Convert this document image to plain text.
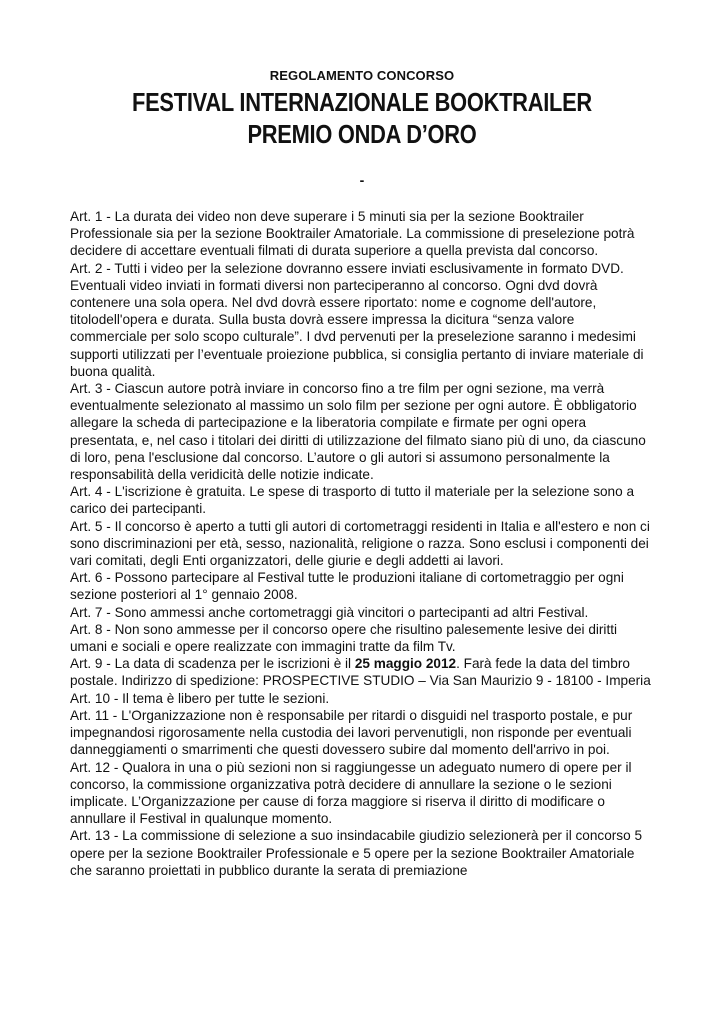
REGOLAMENTO CONCORSO
FESTIVAL INTERNAZIONALE BOOKTRAILER
PREMIO ONDA D’ORO
-

Art. 1 - La durata dei video non deve superare i 5 minuti sia per la sezione Booktrailer Professionale sia per la sezione Booktrailer Amatoriale. La commissione di preselezione potrà decidere di accettare eventuali filmati di durata superiore a quella prevista dal concorso.

Art. 2 - Tutti i video per la selezione dovranno essere inviati esclusivamente in formato DVD.

Eventuali video inviati in formati diversi non parteciperanno al concorso. Ogni dvd dovrà contenere una sola opera. Nel dvd dovrà essere riportato: nome e cognome dell'autore, titolodell'opera e durata. Sulla busta dovrà essere impressa la dicitura “senza valore commerciale per solo scopo culturale”. I dvd pervenuti per la preselezione saranno i medesimi supporti utilizzati per l’eventuale proiezione pubblica, si consiglia pertanto di inviare materiale di buona qualità.

Art. 3 - Ciascun autore potrà inviare in concorso fino a tre film per ogni sezione, ma verrà eventualmente selezionato al massimo un solo film per sezione per ogni autore. È obbligatorio allegare la scheda di partecipazione e la liberatoria compilate e firmate per ogni opera presentata, e, nel caso i titolari dei diritti di utilizzazione del filmato siano più di uno, da ciascuno di loro, pena l'esclusione dal concorso. L’autore o gli autori si assumono personalmente la responsabilità della veridicità delle notizie indicate.

Art. 4 - L'iscrizione è gratuita. Le spese di trasporto di tutto il materiale per la selezione sono a carico dei partecipanti.

Art. 5 - Il concorso è aperto a tutti gli autori di cortometraggi residenti in Italia e all'estero e non ci sono discriminazioni per età, sesso, nazionalità, religione o razza. Sono esclusi i componenti dei vari comitati, degli Enti organizzatori, delle giurie e degli addetti ai lavori.

Art. 6 - Possono partecipare al Festival tutte le produzioni italiane di cortometraggio per ogni sezione posteriori al 1° gennaio 2008.

Art. 7 - Sono ammessi anche cortometraggi già vincitori o partecipanti ad altri Festival.

Art. 8 - Non sono ammesse per il concorso opere che risultino palesemente lesive dei diritti umani e sociali e opere realizzate con immagini tratte da film Tv.

Art. 9 - La data di scadenza per le iscrizioni è il 25 maggio 2012. Farà fede la data del timbro postale. Indirizzo di spedizione: PROSPECTIVE STUDIO – Via San Maurizio 9 - 18100 - Imperia

Art. 10 - Il tema è libero per tutte le sezioni.

Art. 11 - L'Organizzazione non è responsabile per ritardi o disguidi nel trasporto postale, e pur impegnandosi rigorosamente nella custodia dei lavori pervenutigli, non risponde per eventuali danneggiamenti o smarrimenti che questi dovessero subire dal momento dell'arrivo in poi.

Art. 12 - Qualora in una o più sezioni non si raggiungesse un adeguato numero di opere per il concorso, la commissione organizzativa potrà decidere di annullare la sezione o le sezioni implicate. L’Organizzazione per cause di forza maggiore si riserva il diritto di modificare o annullare il Festival in qualunque momento.

Art. 13 - La commissione di selezione a suo insindacabile giudizio selezionerà per il concorso 5 opere per la sezione Booktrailer Professionale e 5 opere per la sezione Booktrailer Amatoriale che saranno proiettati in pubblico durante la serata di premiazione
